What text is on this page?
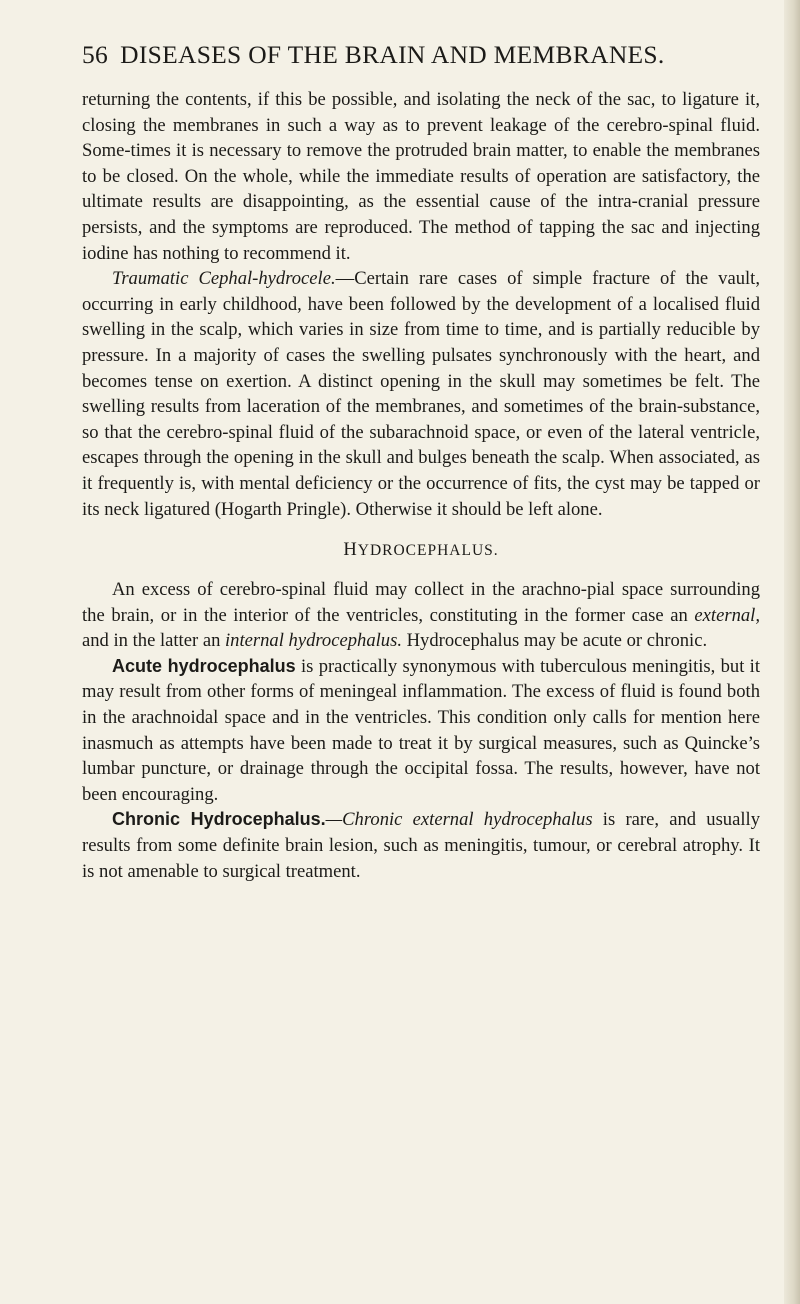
56 DISEASES OF THE BRAIN AND MEMBRANES.

returning the contents, if this be possible, and isolating the neck of the sac, to ligature it, closing the membranes in such a way as to prevent leakage of the cerebro-spinal fluid. Some-times it is necessary to remove the protruded brain matter, to enable the membranes to be closed. On the whole, while the immediate results of operation are satisfactory, the ultimate results are disappointing, as the essential cause of the intra-cranial pressure persists, and the symptoms are reproduced. The method of tapping the sac and injecting iodine has nothing to recommend it.

Traumatic Cephal-hydrocele.—Certain rare cases of simple fracture of the vault, occurring in early childhood, have been followed by the development of a localised fluid swelling in the scalp, which varies in size from time to time, and is partially reducible by pressure. In a majority of cases the swelling pulsates synchronously with the heart, and becomes tense on exertion. A distinct opening in the skull may sometimes be felt. The swelling results from laceration of the membranes, and sometimes of the brain-substance, so that the cerebro-spinal fluid of the subarachnoid space, or even of the lateral ventricle, escapes through the opening in the skull and bulges beneath the scalp. When associated, as it frequently is, with mental deficiency or the occurrence of fits, the cyst may be tapped or its neck ligatured (Hogarth Pringle). Otherwise it should be left alone.

HYDROCEPHALUS.

An excess of cerebro-spinal fluid may collect in the arachno-pial space surrounding the brain, or in the interior of the ventricles, constituting in the former case an external, and in the latter an internal hydrocephalus. Hydrocephalus may be acute or chronic.

Acute hydrocephalus is practically synonymous with tuberculous meningitis, but it may result from other forms of meningeal inflammation. The excess of fluid is found both in the arachnoidal space and in the ventricles. This condition only calls for mention here inasmuch as attempts have been made to treat it by surgical measures, such as Quincke’s lumbar puncture, or drainage through the occipital fossa. The results, however, have not been encouraging.

Chronic Hydrocephalus.—Chronic external hydrocephalus is rare, and usually results from some definite brain lesion, such as meningitis, tumour, or cerebral atrophy. It is not amenable to surgical treatment.
